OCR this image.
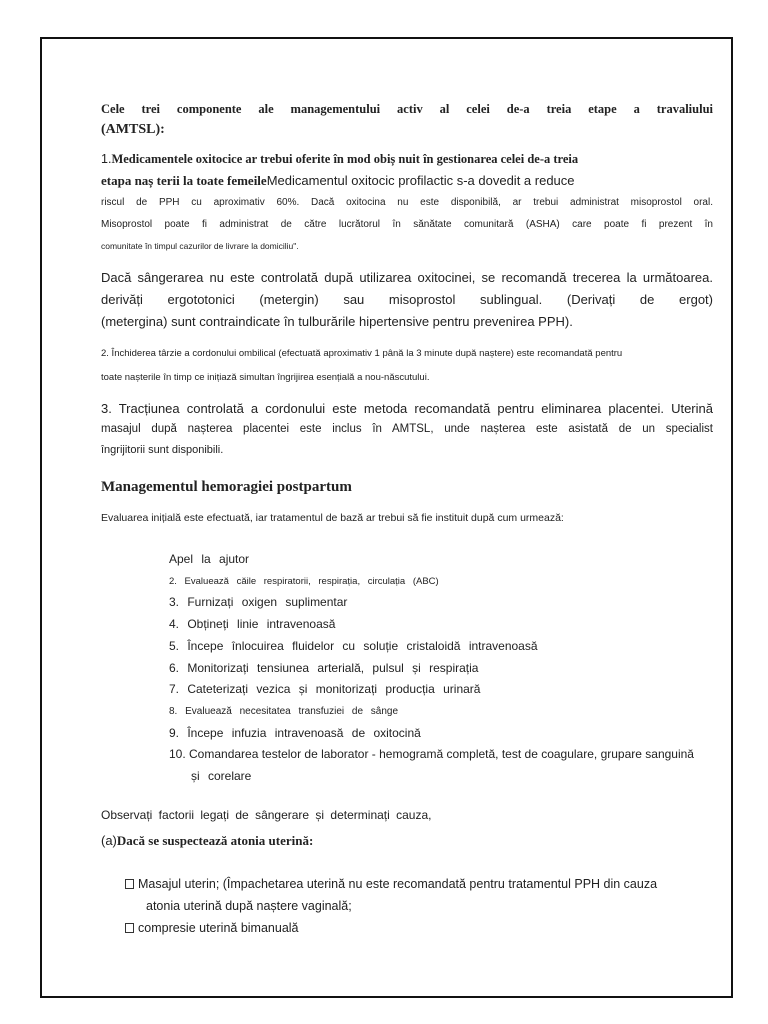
Cele trei componente ale managementului activ al celei de-a treia etape a travaliului

(AMTSL):

1.Medicamentele oxitocice ar trebui oferite în mod obiș nuit în gestionarea celei de-a treia

etapa naș terii la toate femeileMedicamentul oxitocic profilactic s-a dovedit a reduce

riscul de PPH cu aproximativ 60%. Dacă oxitocina nu este disponibilă, ar trebui administrat misoprostol oral.

Misoprostol poate fi administrat de către lucrătorul în sănătate comunitară (ASHA) care poate fi prezent în

comunitate în timpul cazurilor de livrare la domiciliu".

Dacă sângerarea nu este controlată după utilizarea oxitocinei, se recomandă trecerea la următoarea.

derivăți ergototonici (metergin) sau misoprostol sublingual. (Derivați de ergot)

(metergina) sunt contraindicate în tulburările hipertensive pentru prevenirea PPH).

2. Închiderea târzie a cordonului ombilical (efectuată aproximativ 1 până la 3 minute după naștere) este recomandată pentru

toate nașterile în timp ce inițiază simultan îngrijirea esențială a nou-născutului.

3. Tracțiunea controlată a cordonului este metoda recomandată pentru eliminarea placentei. Uterină

masajul după nașterea placentei este inclus în AMTSL, unde nașterea este asistată de un specialist

îngrijitorii sunt disponibili.

Managementul hemoragiei postpartum

Evaluarea inițială este efectuată, iar tratamentul de bază ar trebui să fie instituit după cum urmează:

Apel la ajutor
2. Evaluează căile respiratorii, respirația, circulația (ABC)
3. Furnizați oxigen suplimentar
4. Obțineți linie intravenoasă
5. Începe înlocuirea fluidelor cu soluție cristaloidă intravenoasă
6. Monitorizați tensiunea arterială, pulsul și respirația
7. Cateterizați vezica și monitorizați producția urinară
8. Evaluează necesitatea transfuziei de sânge
9. Începe infuzia intravenoasă de oxitocină
10. Comandarea testelor de laborator - hemogramă completă, test de coagulare, grupare sanguină
și corelare

Observați factorii legați de sângerare și determinați cauza,

(a)Dacă se suspectează atonia uterină:

Masajul uterin; (Împachetarea uterină nu este recomandată pentru tratamentul PPH din cauza

atonia uterină după naștere vaginală;

compresie uterină bimanuală
